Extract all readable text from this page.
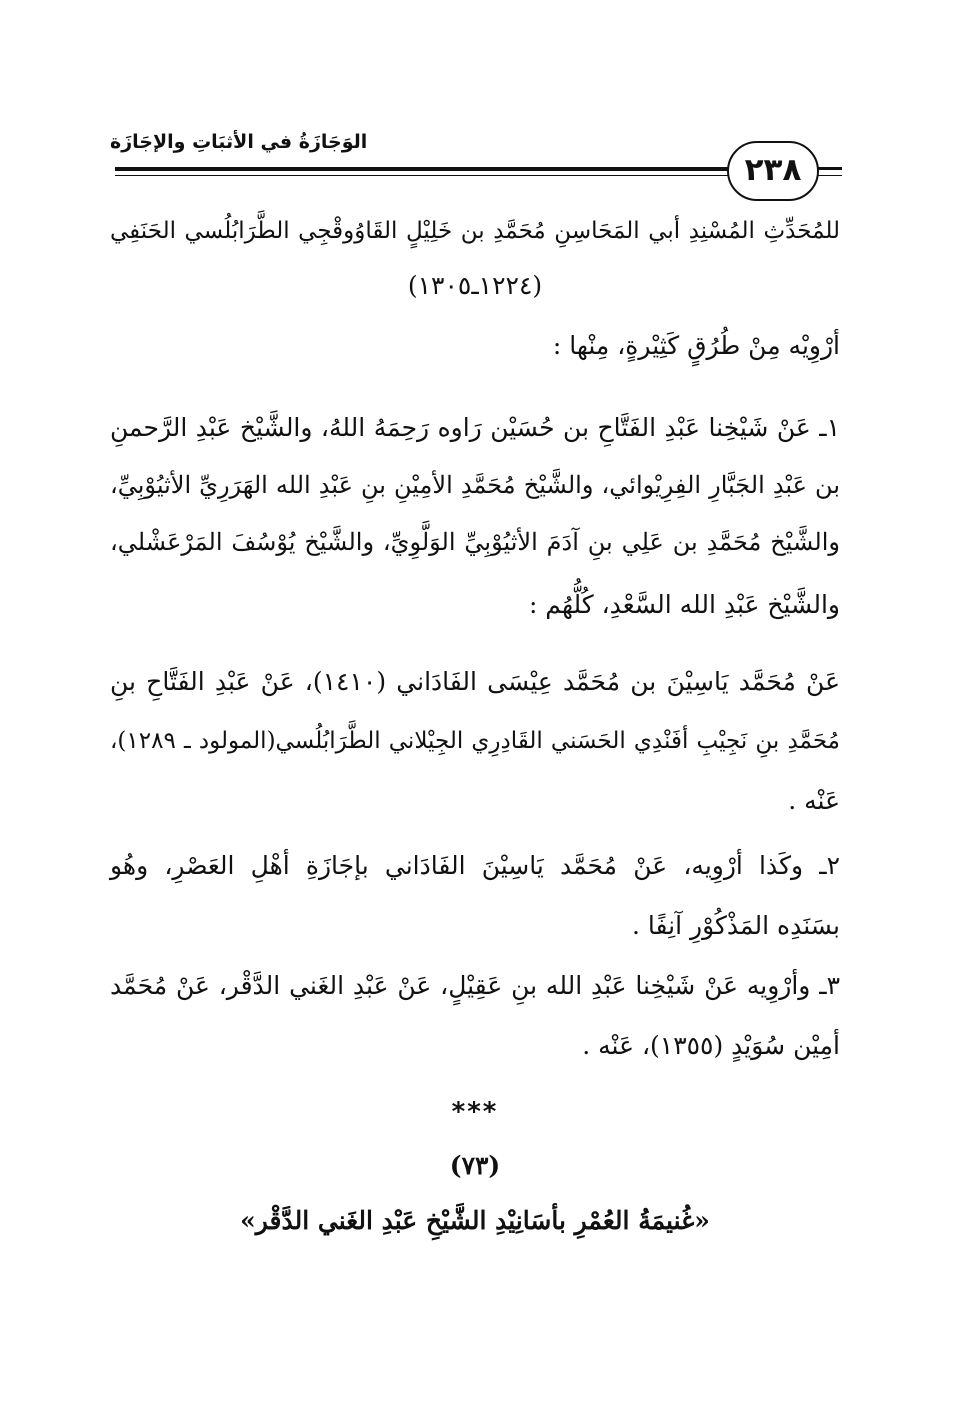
الوَجَازَةُ في الأثبَاتِ والإجَازَة
٢٣٨
للمُحَدِّثِ المُسْنِدِ أبي المَحَاسِنِ مُحَمَّدِ بن خَلِيْلٍ القَاوُوقْجِي الطَّرَابُلُسي الحَنَفِي
(١٢٢٤ـ١٣٠٥)
أرْوِيْه مِنْ طُرُقٍ كَثِيْرةٍ، مِنْها :
١ـ عَنْ شَيْخِنا عَبْدِ الفَتَّاحِ بن حُسَيْن رَاوه رَحِمَهُ اللهُ، والشَّيْخ عَبْدِ الرَّحمنِ
بن عَبْدِ الجَبَّارِ الفِرِيْوائي، والشَّيْخ مُحَمَّدِ الأمِيْنِ بنِ عَبْدِ الله الهَرَرِيِّ الأثيُوْبِيِّ،
والشَّيْخ مُحَمَّدِ بن عَلِي بنِ آدَمَ الأثيُوْبِيِّ الوَلَّوِيِّ، والشَّيْخ يُوْسُفَ المَرْعَشْلي،
والشَّيْخ عَبْدِ الله السَّعْدِ، كُلُّهُم :
عَنْ مُحَمَّد يَاسِيْنَ بن مُحَمَّد عِيْسَى الفَادَاني (١٤١٠)، عَنْ عَبْدِ الفَتَّاحِ بنِ
مُحَمَّدِ بنِ نَجِيْبِ أفَنْدِي الحَسَني القَادِرِي الجِيْلاني الطَّرَابُلُسي(المولود ـ ١٢٨٩)،
عَنْه .
٢ـ وكَذا أرْوِيه، عَنْ مُحَمَّد يَاسِيْنَ الفَادَاني بإجَازَةِ أهْلِ العَصْرِ، وهُو
بسَنَدِه المَذْكُوْرِ آنِفًا .
٣ـ وأرْوِيه عَنْ شَيْخِنا عَبْدِ الله بنِ عَقِيْلٍ، عَنْ عَبْدِ الغَني الدَّقْر، عَنْ مُحَمَّد
أمِيْن سُوَيْدٍ (١٣٥٥)، عَنْه .
***
(٧٣)
«غُنيمَةُ العُمْرِ بأسَانِيْدِ الشَّيْخِ عَبْدِ الغَني الدَّقْر»
